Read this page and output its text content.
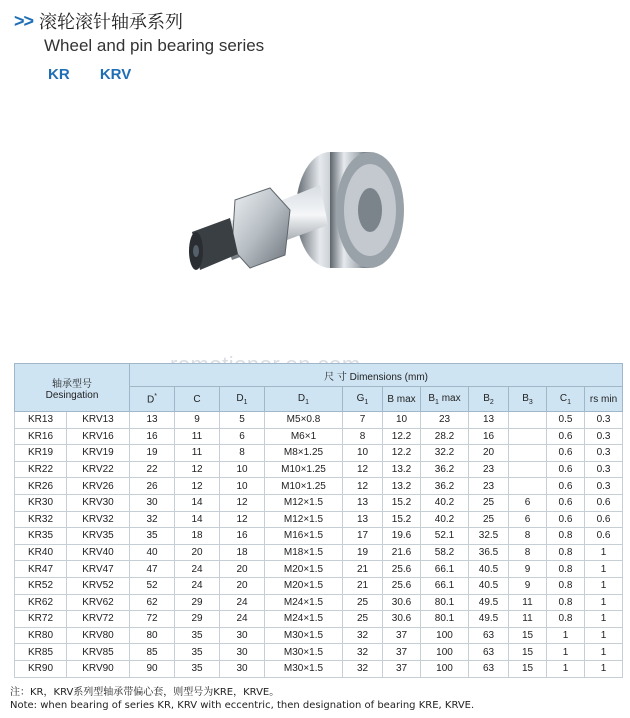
>> 滚轮滚针轴承系列
Wheel and pin bearing series
KR KRV
轴承型号
Desingation		尺 寸 Dimensions (mm)										
		D*	C	$D_1$	$D_1$	$G_1$	B max	$B_1$ max	$B_2$	$B_3$	$C_1$	rs min
KR13	KRV13	13	9	5	M5×0.8	7	10	23	13		0.5	0.3
KR16	KRV16	16	11	6	M6×1	8	12.2	28.2	16		0.6	0.3
KR19	KRV19	19	11	8	M8×1.25	10	12.2	32.2	20		0.6	0.3
KR22	KRV22	22	12	10	M10×1.25	12	13.2	36.2	23		0.6	0.3
KR26	KRV26	26	12	10	M10×1.25	12	13.2	36.2	23		0.6	0.3
KR30	KRV30	30	14	12	M12×1.5	13	15.2	40.2	25	6	0.6	0.6
KR32	KRV32	32	14	12	M12×1.5	13	15.2	40.2	25	6	0.6	0.6
KR35	KRV35	35	18	16	M16×1.5	17	19.6	52.1	32.5	8	0.8	0.6
KR40	KRV40	40	20	18	M18×1.5	19	21.6	58.2	36.5	8	0.8	1
KR47	KRV47	47	24	20	M20×1.5	21	25.6	66.1	40.5	9	0.8	1
KR52	KRV52	52	24	20	M20×1.5	21	25.6	66.1	40.5	9	0.8	1
KR62	KRV62	62	29	24	M24×1.5	25	30.6	80.1	49.5	11	0.8	1
KR72	KRV72	72	29	24	M24×1.5	25	30.6	80.1	49.5	11	0.8	1
KR80	KRV80	80	35	30	M30×1.5	32	37	100	63	15	1	1
KR85	KRV85	85	35	30	M30×1.5	32	37	100	63	15	1	1
KR90	KRV90	90	35	30	M30×1.5	32	37	100	63	15	1	1
注：KR，KRV系列型轴承带偏心套，则型号为KRE，KRVE。
Note: when bearing of series KR, KRV with eccentric, then designation of bearing KRE, KRVE.
